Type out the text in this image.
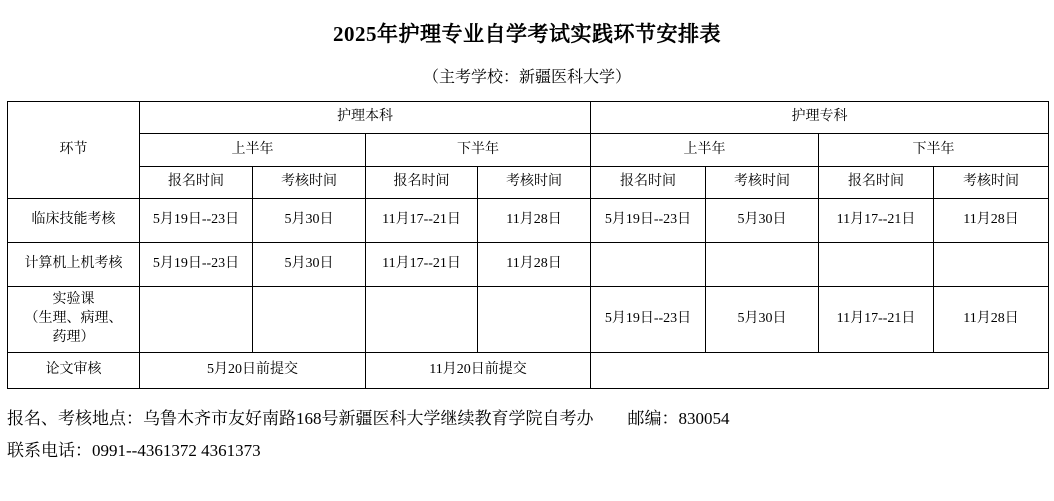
2025年护理专业自学考试实践环节安排表
（主考学校：新疆医科大学）
环节	护理本科				护理专科			
	上半年		下半年		上半年		下半年	
	报名时间	考核时间	报名时间	考核时间	报名时间	考核时间	报名时间	考核时间
临床技能考核	5月19日--23日	5月30日	11月17--21日	11月28日	5月19日--23日	5月30日	11月17--21日	11月28日
计算机上机考核	5月19日--23日	5月30日	11月17--21日	11月28日				

实验课
（生理、病理、
药理）					5月19日--23日	5月30日	11月17--21日	11月28日
论文审核	5月20日前提交		11月20日前提交					
报名、考核地点：乌鲁木齐市友好南路168号新疆医科大学继续教育学院自考办 邮编：830054
联系电话：0991--4361372 4361373
